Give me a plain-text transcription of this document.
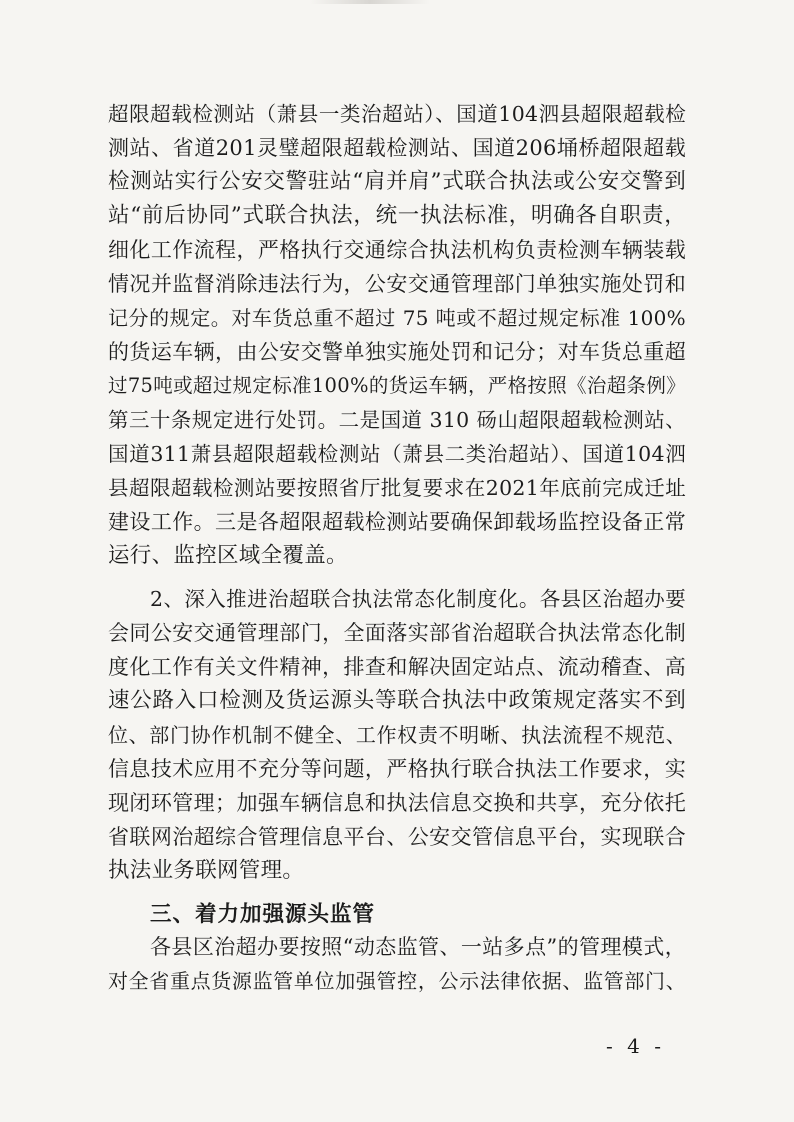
超限超载检测站（萧县一类治超站）、国道104泗县超限超载检
测站、省道201灵璧超限超载检测站、国道206埇桥超限超载
检测站实行公安交警驻站“肩并肩”式联合执法或公安交警到
站“前后协同”式联合执法，统一执法标准，明确各自职责，
细化工作流程，严格执行交通综合执法机构负责检测车辆装载
情况并监督消除违法行为，公安交通管理部门单独实施处罚和
记分的规定。对车货总重不超过 75 吨或不超过规定标准 100%
的货运车辆，由公安交警单独实施处罚和记分；对车货总重超
过75吨或超过规定标准100%的货运车辆，严格按照《治超条例》
第三十条规定进行处罚。二是国道 310 砀山超限超载检测站、
国道311萧县超限超载检测站（萧县二类治超站）、国道104泗
县超限超载检测站要按照省厅批复要求在2021年底前完成迁址
建设工作。三是各超限超载检测站要确保卸载场监控设备正常
运行、监控区域全覆盖。
2、深入推进治超联合执法常态化制度化。各县区治超办要
会同公安交通管理部门，全面落实部省治超联合执法常态化制
度化工作有关文件精神，排查和解决固定站点、流动稽查、高
速公路入口检测及货运源头等联合执法中政策规定落实不到
位、部门协作机制不健全、工作权责不明晰、执法流程不规范、
信息技术应用不充分等问题，严格执行联合执法工作要求，实
现闭环管理；加强车辆信息和执法信息交换和共享，充分依托
省联网治超综合管理信息平台、公安交管信息平台，实现联合
执法业务联网管理。
三、着力加强源头监管
各县区治超办要按照“动态监管、一站多点”的管理模式，
对全省重点货源监管单位加强管控，公示法律依据、监管部门、
- 4 -
